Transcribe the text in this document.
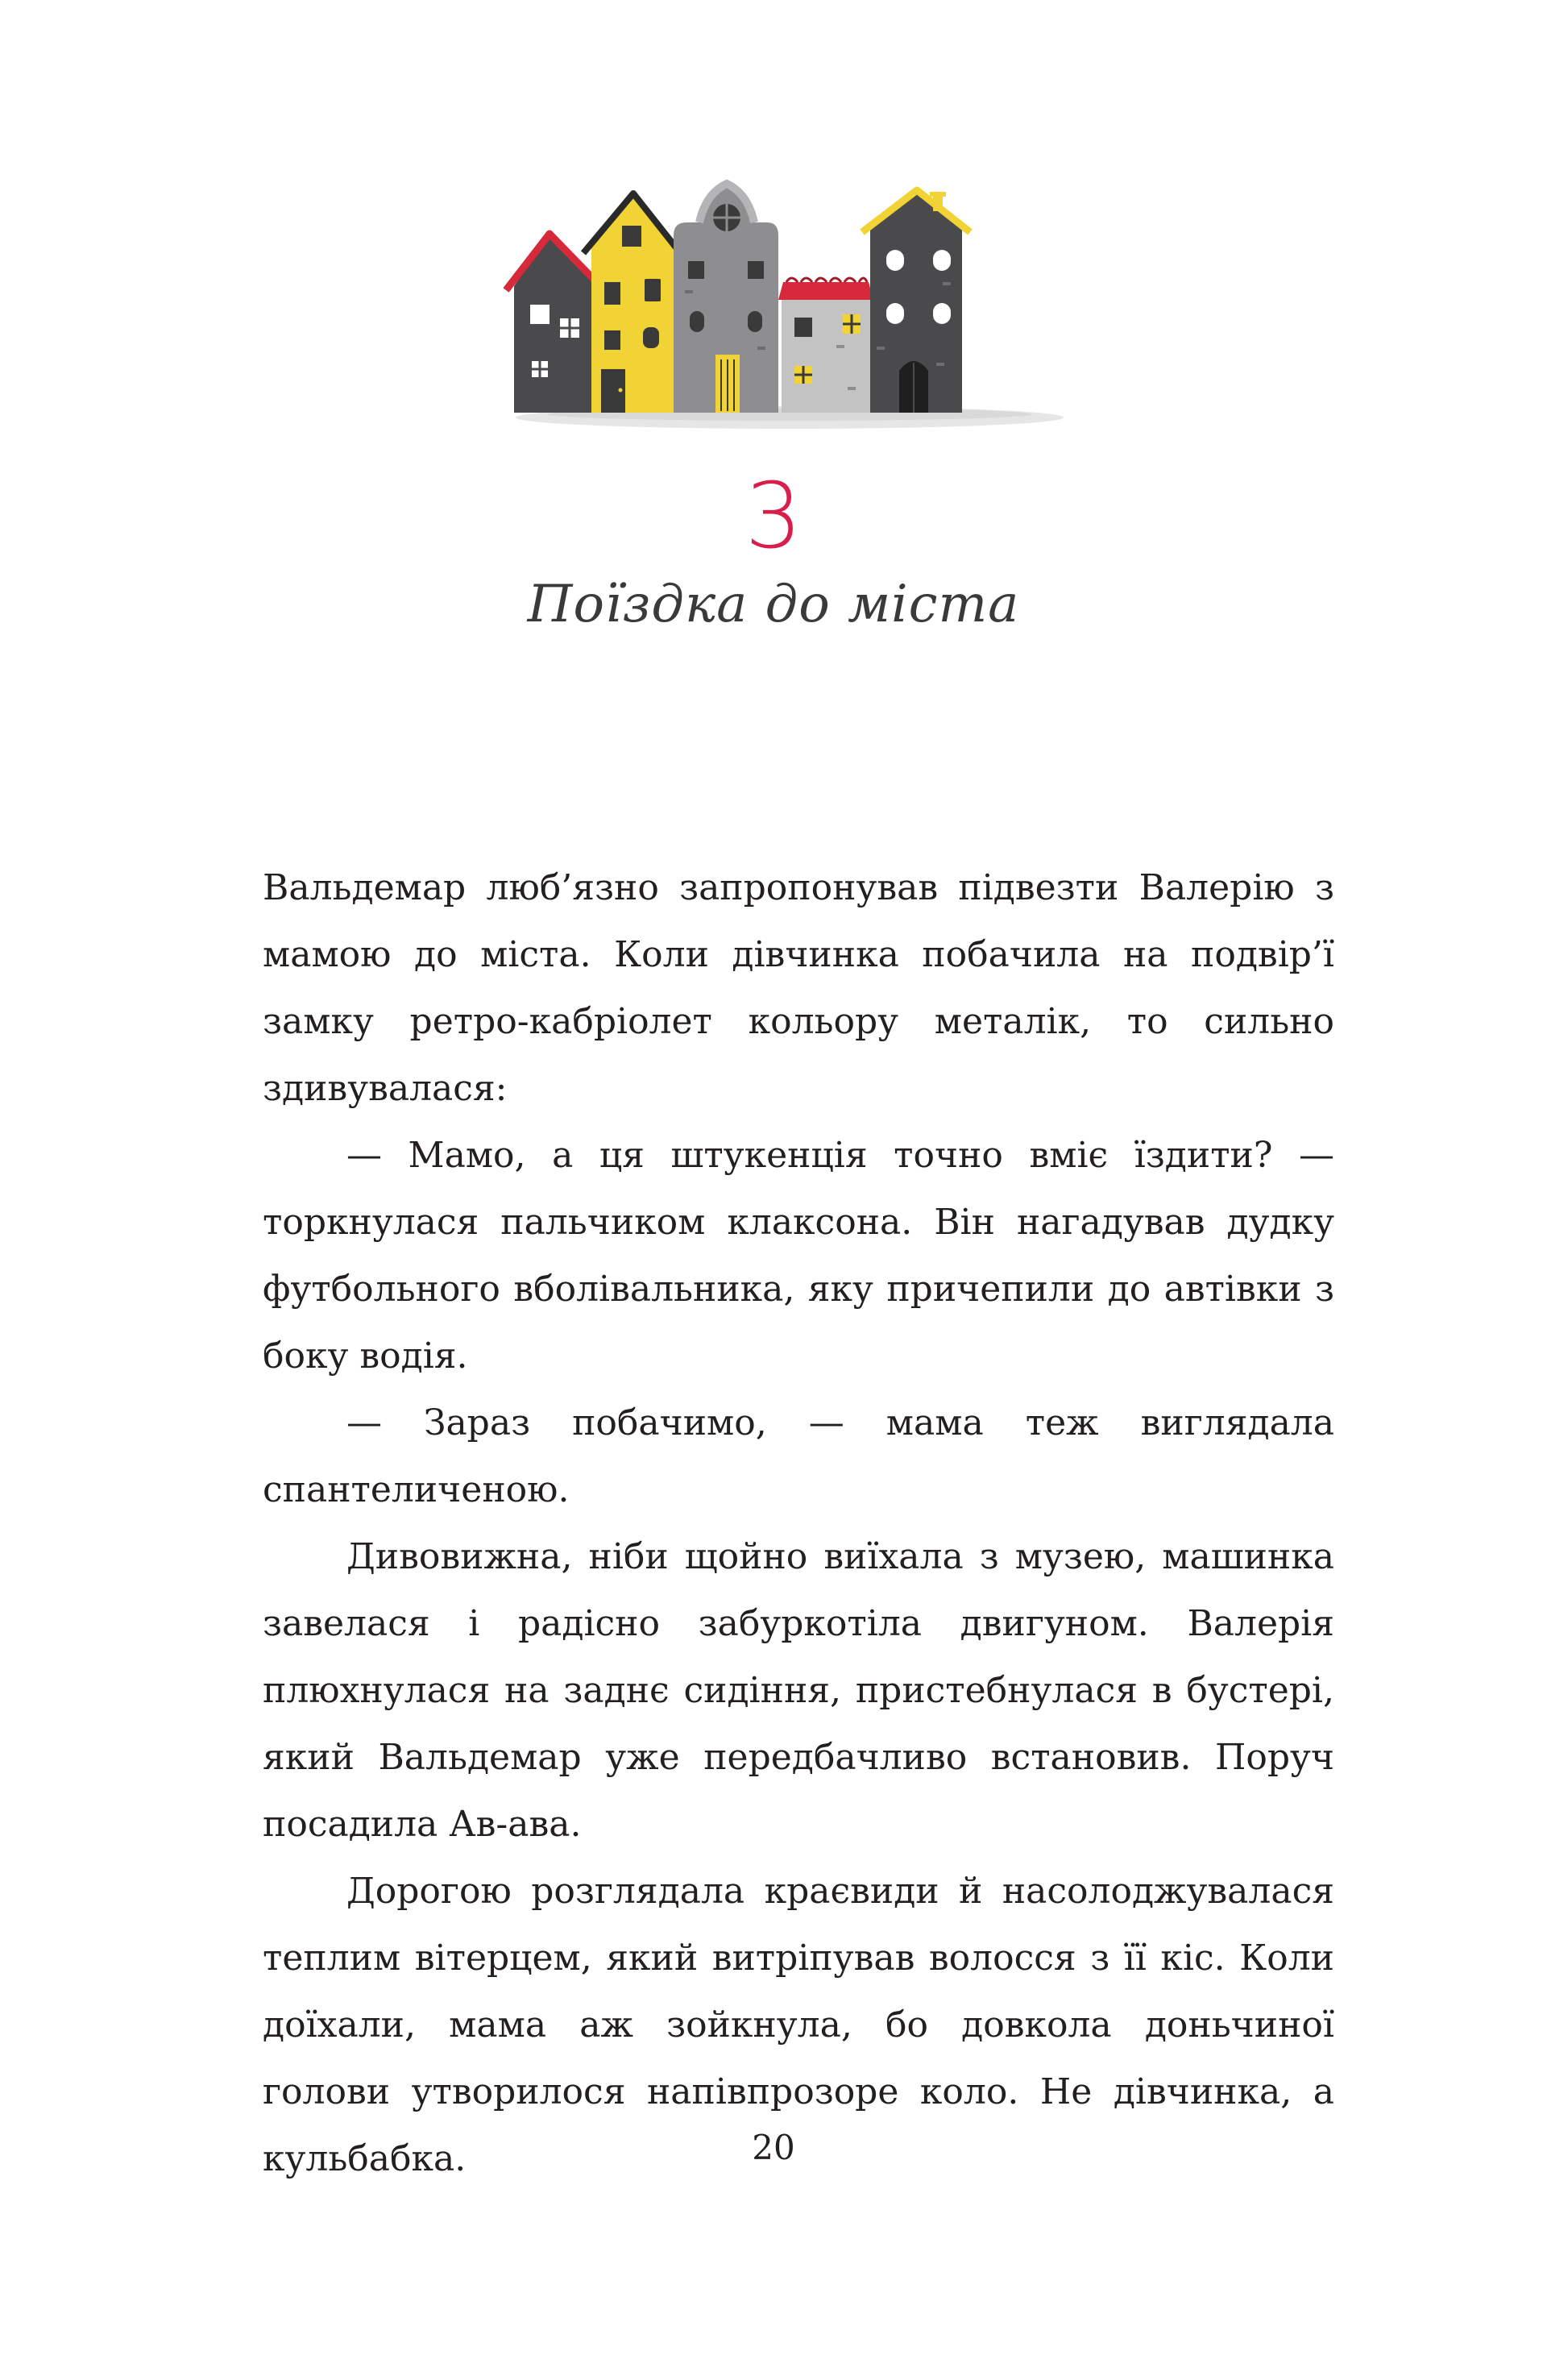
3
Поїздка до міста

Вальдемар люб’язно запропонував підвезти Валерію з мамою до міста. Коли дівчинка побачила на подвір’ї замку ретро-кабріолет кольору металік, то сильно здивувалася:

— Мамо, а ця штукенція точно вміє їздити? — торкнулася пальчиком клаксона. Він нагадував дудку футбольного вболівальника, яку причепили до автівки з боку водія.

— Зараз побачимо, — мама теж виглядала спантеличеною.

Дивовижна, ніби щойно виїхала з музею, машинка завелася і радісно забуркотіла двигуном. Валерія плюхнулася на заднє сидіння, пристебнулася в бустері, який Вальдемар уже передбачливо встановив. Поруч посадила Ав-ава.

Дорогою розглядала краєвиди й насолоджувалася теплим вітерцем, який витріпував волосся з її кіс. Коли доїхали, мама аж зойкнула, бо довкола доньчиної голови утворилося напівпрозоре коло. Не дівчинка, а кульбабка.	20
